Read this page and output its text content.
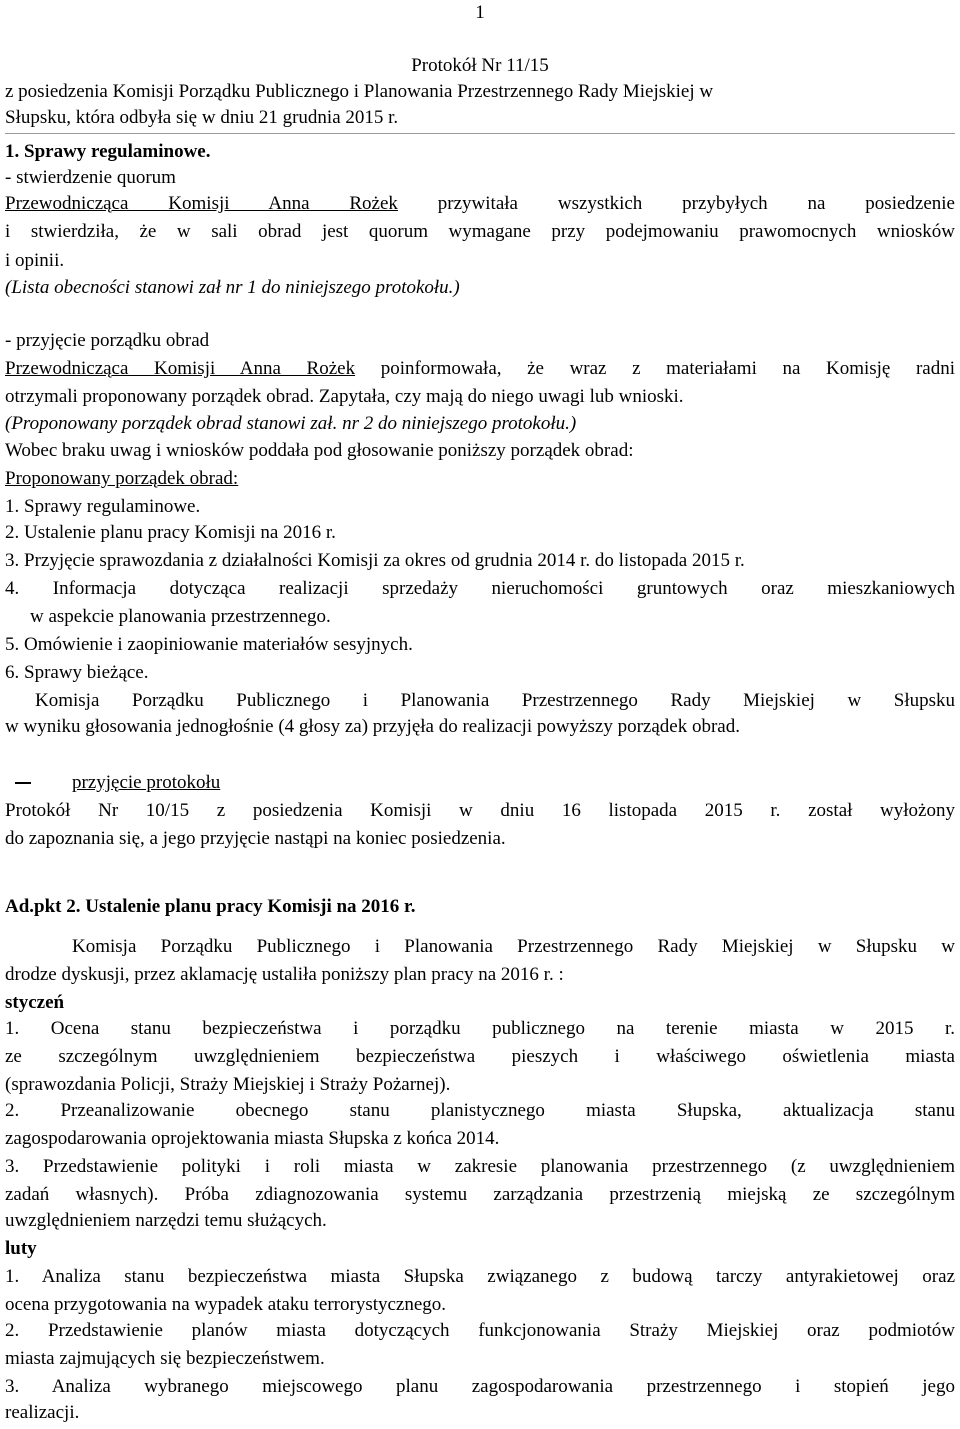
1
Protokół Nr 11/15
z posiedzenia Komisji Porządku Publicznego i Planowania Przestrzennego Rady Miejskiej w
Słupsku, która odbyła się w dniu 21 grudnia 2015 r.
1. Sprawy regulaminowe.
- stwierdzenie quorum
Przewodnicząca Komisji Anna Rożek przywitała wszystkich przybyłych na posiedzenie
i stwierdziła, że w sali obrad jest quorum wymagane przy podejmowaniu prawomocnych wniosków
i opinii.
(Lista obecności stanowi zał nr 1 do niniejszego protokołu.)
- przyjęcie porządku obrad
Przewodnicząca Komisji Anna Rożek poinformowała, że wraz z materiałami na Komisję radni
otrzymali proponowany porządek obrad. Zapytała, czy mają do niego uwagi lub wnioski.
(Proponowany porządek obrad stanowi zał. nr 2 do niniejszego protokołu.)
Wobec braku uwag i wniosków poddała pod głosowanie poniższy porządek obrad:
Proponowany porządek obrad:
1. Sprawy regulaminowe.
2. Ustalenie planu pracy Komisji na 2016 r.
3. Przyjęcie sprawozdania z działalności Komisji za okres od grudnia 2014 r. do listopada 2015 r.
4. Informacja dotycząca realizacji sprzedaży nieruchomości gruntowych oraz mieszkaniowych
w aspekcie planowania przestrzennego.
5. Omówienie i zaopiniowanie materiałów sesyjnych.
6. Sprawy bieżące.
Komisja Porządku Publicznego i Planowania Przestrzennego Rady Miejskiej w Słupsku
w wyniku głosowania jednogłośnie (4 głosy za) przyjęła do realizacji powyższy porządek obrad.
przyjęcie protokołu
Protokół Nr 10/15 z posiedzenia Komisji w dniu 16 listopada 2015 r. został wyłożony
do zapoznania się, a jego przyjęcie nastąpi na koniec posiedzenia.
Ad.pkt 2. Ustalenie planu pracy Komisji na 2016 r.
Komisja Porządku Publicznego i Planowania Przestrzennego Rady Miejskiej w Słupsku w
drodze dyskusji, przez aklamację ustaliła poniższy plan pracy na 2016 r. :
styczeń
1. Ocena stanu bezpieczeństwa i porządku publicznego na terenie miasta w 2015 r.
ze szczególnym uwzględnieniem bezpieczeństwa pieszych i właściwego oświetlenia miasta
(sprawozdania Policji, Straży Miejskiej i Straży Pożarnej).
2. Przeanalizowanie obecnego stanu planistycznego miasta Słupska, aktualizacja stanu
zagospodarowania oprojektowania miasta Słupska z końca 2014.
3. Przedstawienie polityki i roli miasta w zakresie planowania przestrzennego (z uwzględnieniem
zadań własnych). Próba zdiagnozowania systemu zarządzania przestrzenią miejską ze szczególnym
uwzględnieniem narzędzi temu służących.
luty
1. Analiza stanu bezpieczeństwa miasta Słupska związanego z budową tarczy antyrakietowej oraz
ocena przygotowania na wypadek ataku terrorystycznego.
2. Przedstawienie planów miasta dotyczących funkcjonowania Straży Miejskiej oraz podmiotów
miasta zajmujących się bezpieczeństwem.
3. Analiza wybranego miejscowego planu zagospodarowania przestrzennego i stopień jego
realizacji.
